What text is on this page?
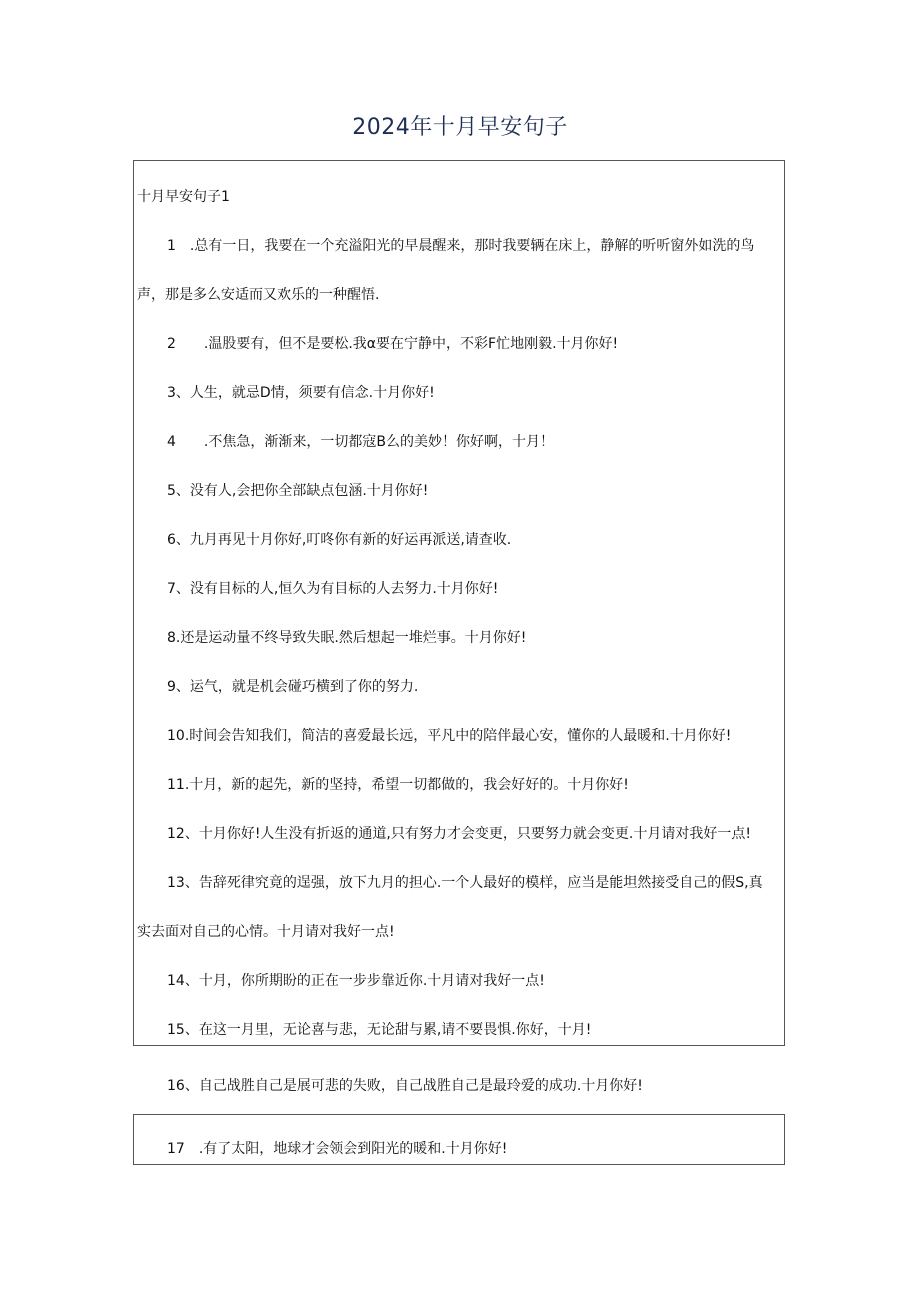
2024年十月早安句子
十月早安句子1
1　.总有一日，我要在一个充溢阳光的早晨醒来，那时我要辆在床上，静解的听听窗外如洗的鸟
声，那是多么安适而又欢乐的一种醒悟.
2　　.温股要有，但不是要松.我α要在宁静中，不彩F忙地刚毅.十月你好!
3、人生，就忌D情，须要有信念.十月你好!
4　　.不焦急，渐渐来，一切都寇B么的美妙！你好啊，十月！
5、没有人,会把你全部缺点包涵.十月你好!
6、九月再见十月你好,叮咚你有新的好运再派送,请查收.
7、没有目标的人,恒久为有目标的人去努力.十月你好!
8.还是运动量不终导致失眠.然后想起一堆烂事。十月你好!
9、运气，就是机会碰巧横到了你的努力.
10.时间会告知我们，简洁的喜爱最长远，平凡中的陪伴最心安，懂你的人最暖和.十月你好!
11.十月，新的起先，新的坚持，希望一切都做的，我会好好的。十月你好!
12、十月你好!人生没有折返的通道,只有努力才会变更，只要努力就会变更.十月请对我好一点!
13、告辞死律究竟的逞强，放下九月的担心.一个人最好的模样，应当是能坦然接受自己的假S,真
实去面对自己的心情。十月请对我好一点!
14、十月，你所期盼的正在一步步靠近你.十月请对我好一点!
15、在这一月里，无论喜与悲，无论甜与累,请不要畏惧.你好，十月!
16、自己战胜自己是展可悲的失败，自己战胜自己是最玲爱的成功.十月你好!
17　.有了太阳，地球才会领会到阳光的暖和.十月你好!
